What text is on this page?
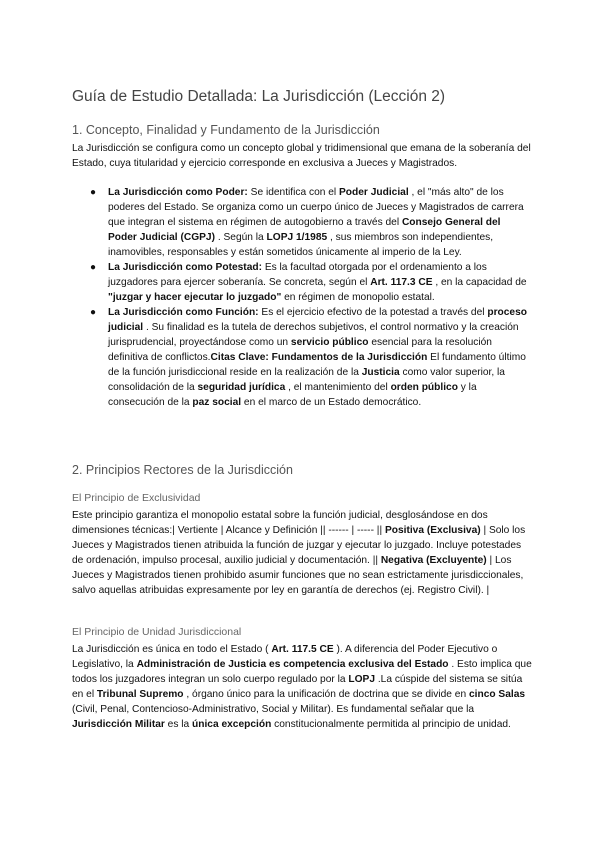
Guía de Estudio Detallada: La Jurisdicción (Lección 2)
1. Concepto, Finalidad y Fundamento de la Jurisdicción

La Jurisdicción se configura como un concepto global y tridimensional que emana de la soberanía del Estado, cuya titularidad y ejercicio corresponde en exclusiva a Jueces y Magistrados.

● La Jurisdicción como Poder: Se identifica con el Poder Judicial , el "más alto" de los poderes del Estado. Se organiza como un cuerpo único de Jueces y Magistrados de carrera que integran el sistema en régimen de autogobierno a través del Consejo General del Poder Judicial (CGPJ) . Según la LOPJ 1/1985 , sus miembros son independientes, inamovibles, responsables y están sometidos únicamente al imperio de la Ley.
● La Jurisdicción como Potestad: Es la facultad otorgada por el ordenamiento a los juzgadores para ejercer soberanía. Se concreta, según el Art. 117.3 CE , en la capacidad de "juzgar y hacer ejecutar lo juzgado" en régimen de monopolio estatal.
● La Jurisdicción como Función: Es el ejercicio efectivo de la potestad a través del proceso judicial . Su finalidad es la tutela de derechos subjetivos, el control normativo y la creación jurisprudencial, proyectándose como un servicio público esencial para la resolución definitiva de conflictos.Citas Clave: Fundamentos de la Jurisdicción El fundamento último de la función jurisdiccional reside en la realización de la Justicia como valor superior, la consolidación de la seguridad jurídica , el mantenimiento del orden público y la consecución de la paz social en el marco de un Estado democrático.
2. Principios Rectores de la Jurisdicción
El Principio de Exclusividad

Este principio garantiza el monopolio estatal sobre la función judicial, desglosándose en dos dimensiones técnicas:| Vertiente | Alcance y Definición || ------ | ----- || Positiva (Exclusiva) | Solo los Jueces y Magistrados tienen atribuida la función de juzgar y ejecutar lo juzgado. Incluye potestades de ordenación, impulso procesal, auxilio judicial y documentación. || Negativa (Excluyente) | Los Jueces y Magistrados tienen prohibido asumir funciones que no sean estrictamente jurisdiccionales, salvo aquellas atribuidas expresamente por ley en garantía de derechos (ej. Registro Civil). |

El Principio de Unidad Jurisdiccional

La Jurisdicción es única en todo el Estado ( Art. 117.5 CE ). A diferencia del Poder Ejecutivo o Legislativo, la Administración de Justicia es competencia exclusiva del Estado . Esto implica que todos los juzgadores integran un solo cuerpo regulado por la LOPJ .La cúspide del sistema se sitúa en el Tribunal Supremo , órgano único para la unificación de doctrina que se divide en cinco Salas (Civil, Penal, Contencioso-Administrativo, Social y Militar). Es fundamental señalar que la Jurisdicción Militar es la única excepción constitucionalmente permitida al principio de unidad.
